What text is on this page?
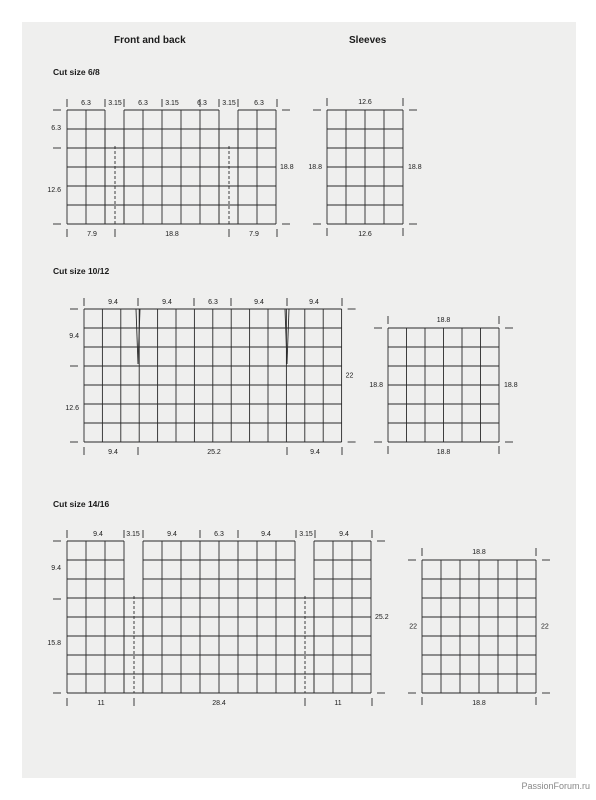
Front and back	Sleeves
Cut size 6/8
6.3 3.15 6.3 3.15	6.3 3.15	6.3
7.9	18.8	7.9
6.3
12.6
18.8
12.6
12.6
18.8	18.8
Cut size 10/12
9.4	9.4	6.3	9.4	9.4
9.4	25.2	9.4
9.4
12.6
22
18.8
18.8
18.8	18.8
Cut size 14/16
9.4	3.15	9.4	6.3	9.4	3.15	9.4
11	28.4	11
9.4
15.8
25.2
18.8
18.8
22	22
PassionForum.ru
